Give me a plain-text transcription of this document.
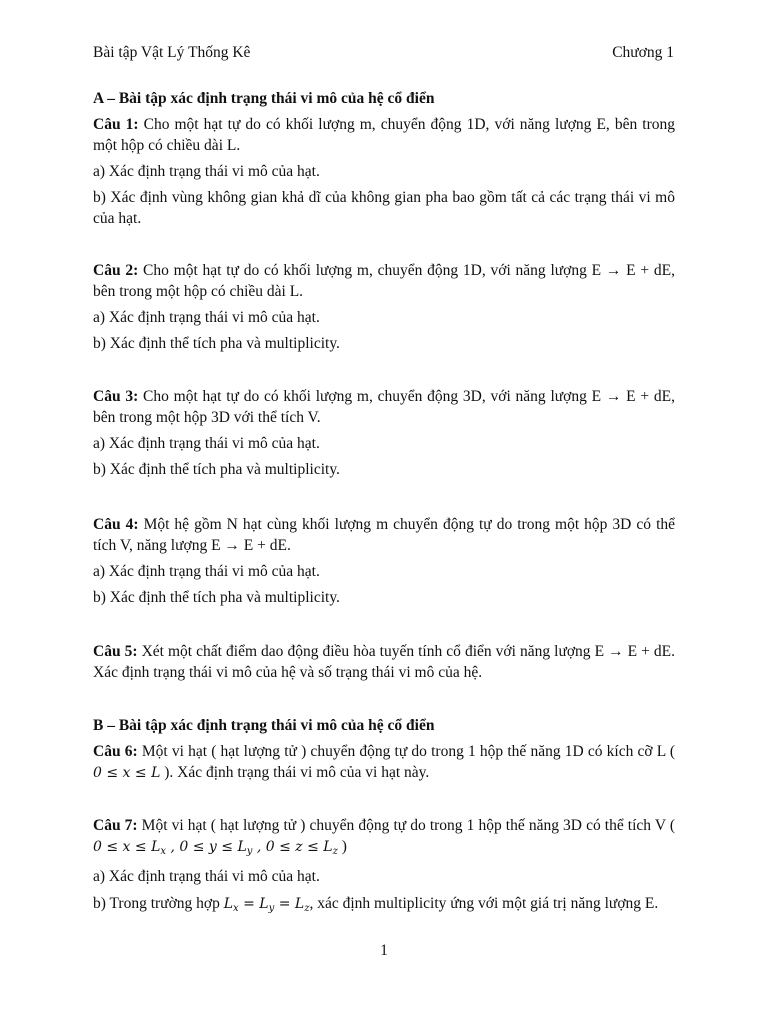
Bài tập Vật Lý Thống Kê	Chương 1

A – Bài tập xác định trạng thái vi mô của hệ cổ điển

Câu 1: Cho một hạt tự do có khối lượng m, chuyển động 1D, với năng lượng E, bên trong một hộp có chiều dài L.

a) Xác định trạng thái vi mô của hạt.

b) Xác định vùng không gian khả dĩ của không gian pha bao gồm tất cả các trạng thái vi mô của hạt.

Câu 2: Cho một hạt tự do có khối lượng m, chuyển động 1D, với năng lượng E → E + dE, bên trong một hộp có chiều dài L.

a) Xác định trạng thái vi mô của hạt.

b) Xác định thể tích pha và multiplicity.

Câu 3: Cho một hạt tự do có khối lượng m, chuyển động 3D, với năng lượng E → E + dE, bên trong một hộp 3D với thể tích V.

a) Xác định trạng thái vi mô của hạt.

b) Xác định thể tích pha và multiplicity.

Câu 4: Một hệ gồm N hạt cùng khối lượng m chuyển động tự do trong một hộp 3D có thể tích V, năng lượng E → E + dE.

a) Xác định trạng thái vi mô của hạt.

b) Xác định thể tích pha và multiplicity.

Câu 5: Xét một chất điểm dao động điều hòa tuyến tính cổ điển với năng lượng E → E + dE. Xác định trạng thái vi mô của hệ và số trạng thái vi mô của hệ.

B – Bài tập xác định trạng thái vi mô của hệ cổ điển

Câu 6: Một vi hạt ( hạt lượng tử ) chuyển động tự do trong 1 hộp thế năng 1D có kích cỡ L ( 0 ≤ x ≤ L ). Xác định trạng thái vi mô của vi hạt này.

Câu 7: Một vi hạt ( hạt lượng tử ) chuyển động tự do trong 1 hộp thế năng 3D có thể tích V ( $0 \le x \le L_x$ , $0 \le y \le L_y$ , $0 \le z \le L_z$ )

a) Xác định trạng thái vi mô của hạt.

b) Trong trường hợp $L_x = L_y = L_z$, xác định multiplicity ứng với một giá trị năng lượng E.

1
